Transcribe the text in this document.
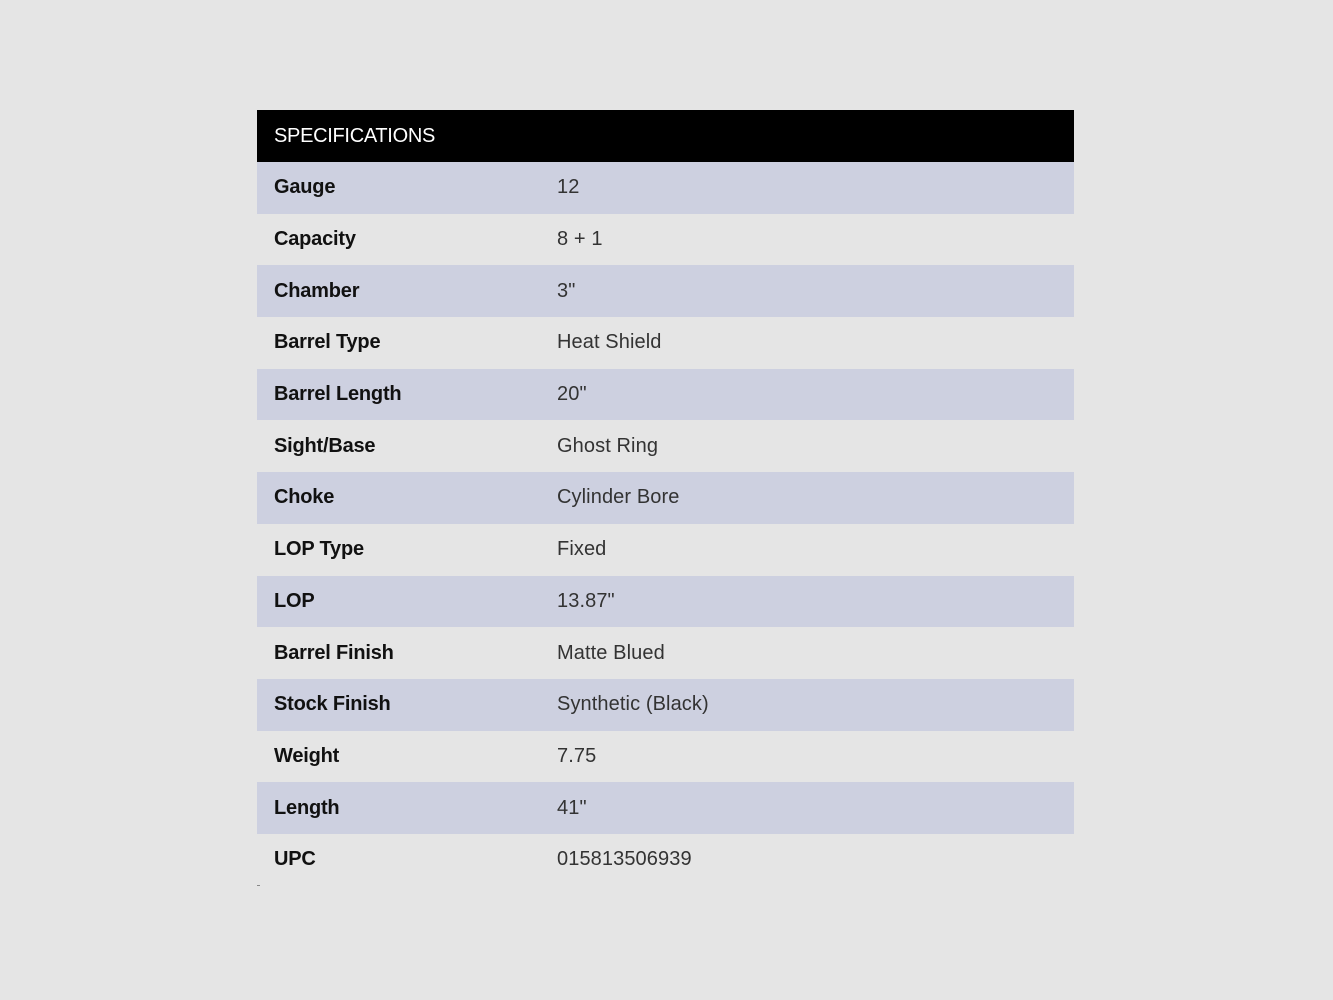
SPECIFICATIONS
Gauge	12
Capacity	8 + 1
Chamber	3"
Barrel Type	Heat Shield
Barrel Length	20"
Sight/Base	Ghost Ring
Choke	Cylinder Bore
LOP Type	Fixed
LOP	13.87"
Barrel Finish	Matte Blued
Stock Finish	Synthetic (Black)
Weight	7.75
Length	41"
UPC	015813506939
